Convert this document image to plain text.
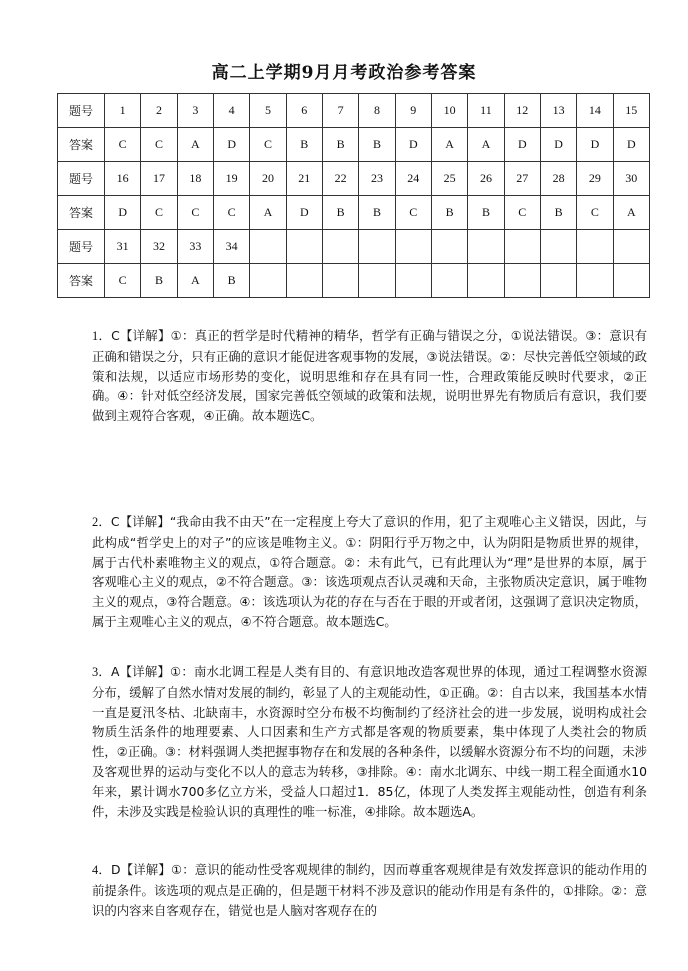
高二上学期9月月考政治参考答案
题号	1	2	3	4	5	6	7	8	9	10	11	12	13	14	15
答案	C	C	A	D	C	B	B	B	D	A	A	D	D	D	D
题号	16	17	18	19	20	21	22	23	24	25	26	27	28	29	30
答案	D	C	C	C	A	D	B	B	C	B	B	C	B	C	A
题号	31	32	33	34											
答案	C	B	A	B											
1．C【详解】①：真正的哲学是时代精神的精华，哲学有正确与错误之分，①说法错误。③：意识有正确和错误之分，只有正确的意识才能促进客观事物的发展，③说法错误。②：尽快完善低空领域的政策和法规，以适应市场形势的变化，说明思维和存在具有同一性，合理政策能反映时代要求，②正确。④：针对低空经济发展，国家完善低空领域的政策和法规，说明世界先有物质后有意识，我们要做到主观符合客观，④正确。故本题选C。
2．C【详解】“我命由我不由天”在一定程度上夸大了意识的作用，犯了主观唯心主义错误，因此，与此构成“哲学史上的对子”的应该是唯物主义。①：阴阳行乎万物之中，认为阴阳是物质世界的规律，属于古代朴素唯物主义的观点，①符合题意。②：未有此气，已有此理认为“理”是世界的本原，属于客观唯心主义的观点，②不符合题意。③：该选项观点否认灵魂和天命，主张物质决定意识，属于唯物主义的观点，③符合题意。④：该选项认为花的存在与否在于眼的开或者闭，这强调了意识决定物质，属于主观唯心主义的观点，④不符合题意。故本题选C。
3．A【详解】①：南水北调工程是人类有目的、有意识地改造客观世界的体现，通过工程调整水资源分布，缓解了自然水情对发展的制约，彰显了人的主观能动性，①正确。②：自古以来，我国基本水情一直是夏汛冬枯、北缺南丰，水资源时空分布极不均衡制约了经济社会的进一步发展，说明构成社会物质生活条件的地理要素、人口因素和生产方式都是客观的物质要素，集中体现了人类社会的物质性，②正确。③：材料强调人类把握事物存在和发展的各种条件，以缓解水资源分布不均的问题，未涉及客观世界的运动与变化不以人的意志为转移，③排除。④：南水北调东、中线一期工程全面通水10年来，累计调水700多亿立方米，受益人口超过1．85亿，体现了人类发挥主观能动性，创造有利条件，未涉及实践是检验认识的真理性的唯一标准，④排除。故本题选A。
4．D【详解】①：意识的能动性受客观规律的制约，因而尊重客观规律是有效发挥意识的能动作用的前提条件。该选项的观点是正确的，但是题干材料不涉及意识的能动作用是有条件的，①排除。②：意识的内容来自客观存在，错觉也是人脑对客观存在的
